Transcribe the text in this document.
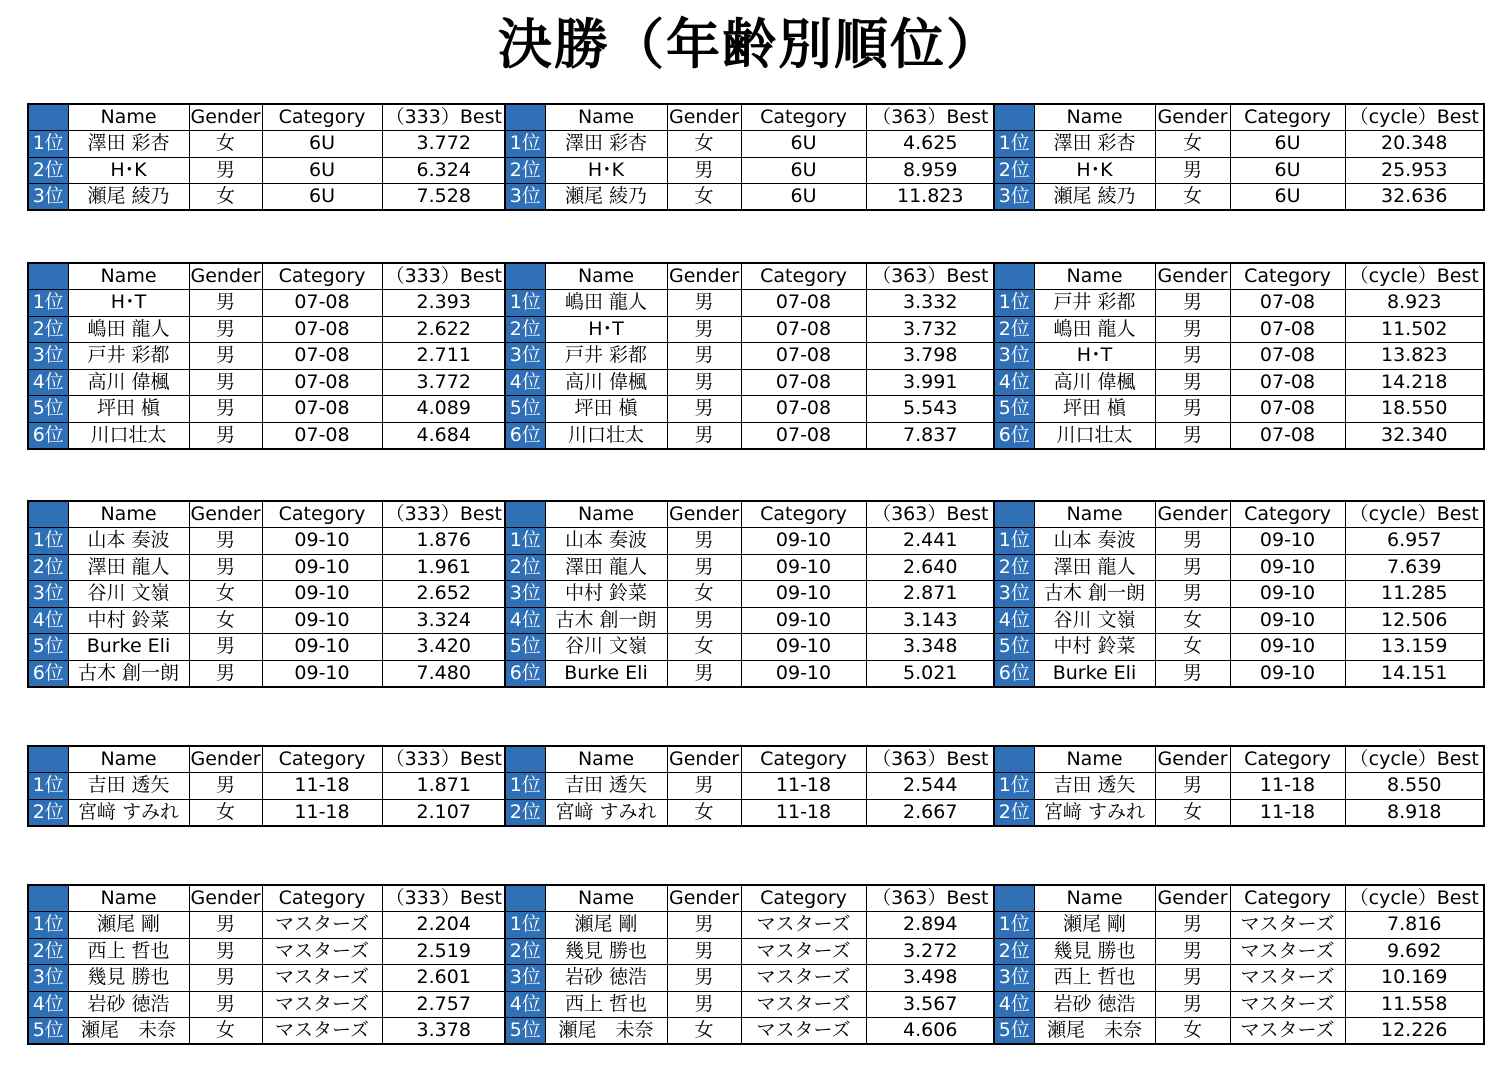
決勝（年齢別順位）
	Name	Gender	Category	（333）Best
1位	澤田 彩杏	女	6U	3.772
2位	H･K	男	6U	6.324
3位	瀬尾 綾乃	女	6U	7.528
	Name	Gender	Category	（363）Best
1位	澤田 彩杏	女	6U	4.625
2位	H･K	男	6U	8.959
3位	瀬尾 綾乃	女	6U	11.823
	Name	Gender	Category	（cycle）Best
1位	澤田 彩杏	女	6U	20.348
2位	H･K	男	6U	25.953
3位	瀬尾 綾乃	女	6U	32.636
	Name	Gender	Category	（333）Best
1位	H･T	男	07-08	2.393
2位	嶋田 龍人	男	07-08	2.622
3位	戸井 彩都	男	07-08	2.711
4位	高川 偉楓	男	07-08	3.772
5位	坪田 槇	男	07-08	4.089
6位	川口壮太	男	07-08	4.684
	Name	Gender	Category	（363）Best
1位	嶋田 龍人	男	07-08	3.332
2位	H･T	男	07-08	3.732
3位	戸井 彩都	男	07-08	3.798
4位	高川 偉楓	男	07-08	3.991
5位	坪田 槇	男	07-08	5.543
6位	川口壮太	男	07-08	7.837
	Name	Gender	Category	（cycle）Best
1位	戸井 彩都	男	07-08	8.923
2位	嶋田 龍人	男	07-08	11.502
3位	H･T	男	07-08	13.823
4位	高川 偉楓	男	07-08	14.218
5位	坪田 槇	男	07-08	18.550
6位	川口壮太	男	07-08	32.340
	Name	Gender	Category	（333）Best
1位	山本 奏波	男	09-10	1.876
2位	澤田 龍人	男	09-10	1.961
3位	谷川 文嶺	女	09-10	2.652
4位	中村 鈴菜	女	09-10	3.324
5位	Burke Eli	男	09-10	3.420
6位	古木 創一朗	男	09-10	7.480
	Name	Gender	Category	（363）Best
1位	山本 奏波	男	09-10	2.441
2位	澤田 龍人	男	09-10	2.640
3位	中村 鈴菜	女	09-10	2.871
4位	古木 創一朗	男	09-10	3.143
5位	谷川 文嶺	女	09-10	3.348
6位	Burke Eli	男	09-10	5.021
	Name	Gender	Category	（cycle）Best
1位	山本 奏波	男	09-10	6.957
2位	澤田 龍人	男	09-10	7.639
3位	古木 創一朗	男	09-10	11.285
4位	谷川 文嶺	女	09-10	12.506
5位	中村 鈴菜	女	09-10	13.159
6位	Burke Eli	男	09-10	14.151
	Name	Gender	Category	（333）Best
1位	吉田 透矢	男	11-18	1.871
2位	宮﨑 すみれ	女	11-18	2.107
	Name	Gender	Category	（363）Best
1位	吉田 透矢	男	11-18	2.544
2位	宮﨑 すみれ	女	11-18	2.667
	Name	Gender	Category	（cycle）Best
1位	吉田 透矢	男	11-18	8.550
2位	宮﨑 すみれ	女	11-18	8.918
	Name	Gender	Category	（333）Best
1位	瀬尾 剛	男	マスターズ	2.204
2位	西上 哲也	男	マスターズ	2.519
3位	幾見 勝也	男	マスターズ	2.601
4位	岩砂 徳浩	男	マスターズ	2.757
5位	瀬尾　未奈	女	マスターズ	3.378
	Name	Gender	Category	（363）Best
1位	瀬尾 剛	男	マスターズ	2.894
2位	幾見 勝也	男	マスターズ	3.272
3位	岩砂 徳浩	男	マスターズ	3.498
4位	西上 哲也	男	マスターズ	3.567
5位	瀬尾　未奈	女	マスターズ	4.606
	Name	Gender	Category	（cycle）Best
1位	瀬尾 剛	男	マスターズ	7.816
2位	幾見 勝也	男	マスターズ	9.692
3位	西上 哲也	男	マスターズ	10.169
4位	岩砂 徳浩	男	マスターズ	11.558
5位	瀬尾　未奈	女	マスターズ	12.226
